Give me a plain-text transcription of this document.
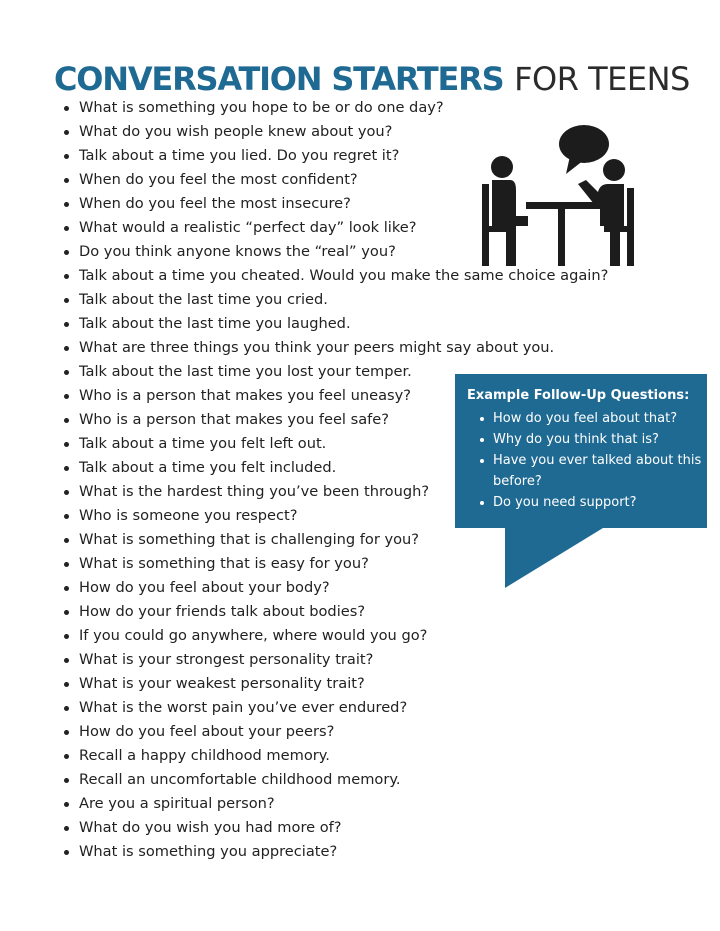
CONVERSATION STARTERS FOR TEENS
What is something you hope to be or do one day?
What do you wish people knew about you?
Talk about a time you lied. Do you regret it?
When do you feel the most confident?
When do you feel the most insecure?
What would a realistic “perfect day” look like?
Do you think anyone knows the “real” you?
Talk about a time you cheated. Would you make the same choice again?
Talk about the last time you cried.
Talk about the last time you laughed.
What are three things you think your peers might say about you.
Talk about the last time you lost your temper.
Who is a person that makes you feel uneasy?
Who is a person that makes you feel safe?
Talk about a time you felt left out.
Talk about a time you felt included.
What is the hardest thing you’ve been through?
Who is someone you respect?
What is something that is challenging for you?
What is something that is easy for you?
How do you feel about your body?
How do your friends talk about bodies?
If you could go anywhere, where would you go?
What is your strongest personality trait?
What is your weakest personality trait?
What is the worst pain you’ve ever endured?
How do you feel about your peers?
Recall a happy childhood memory.
Recall an uncomfortable childhood memory.
Are you a spiritual person?
What do you wish you had more of?
What is something you appreciate?
Example Follow-Up Questions:
How do you feel about that?
Why do you think that is?
Have you ever talked about this before?
Do you need support?
